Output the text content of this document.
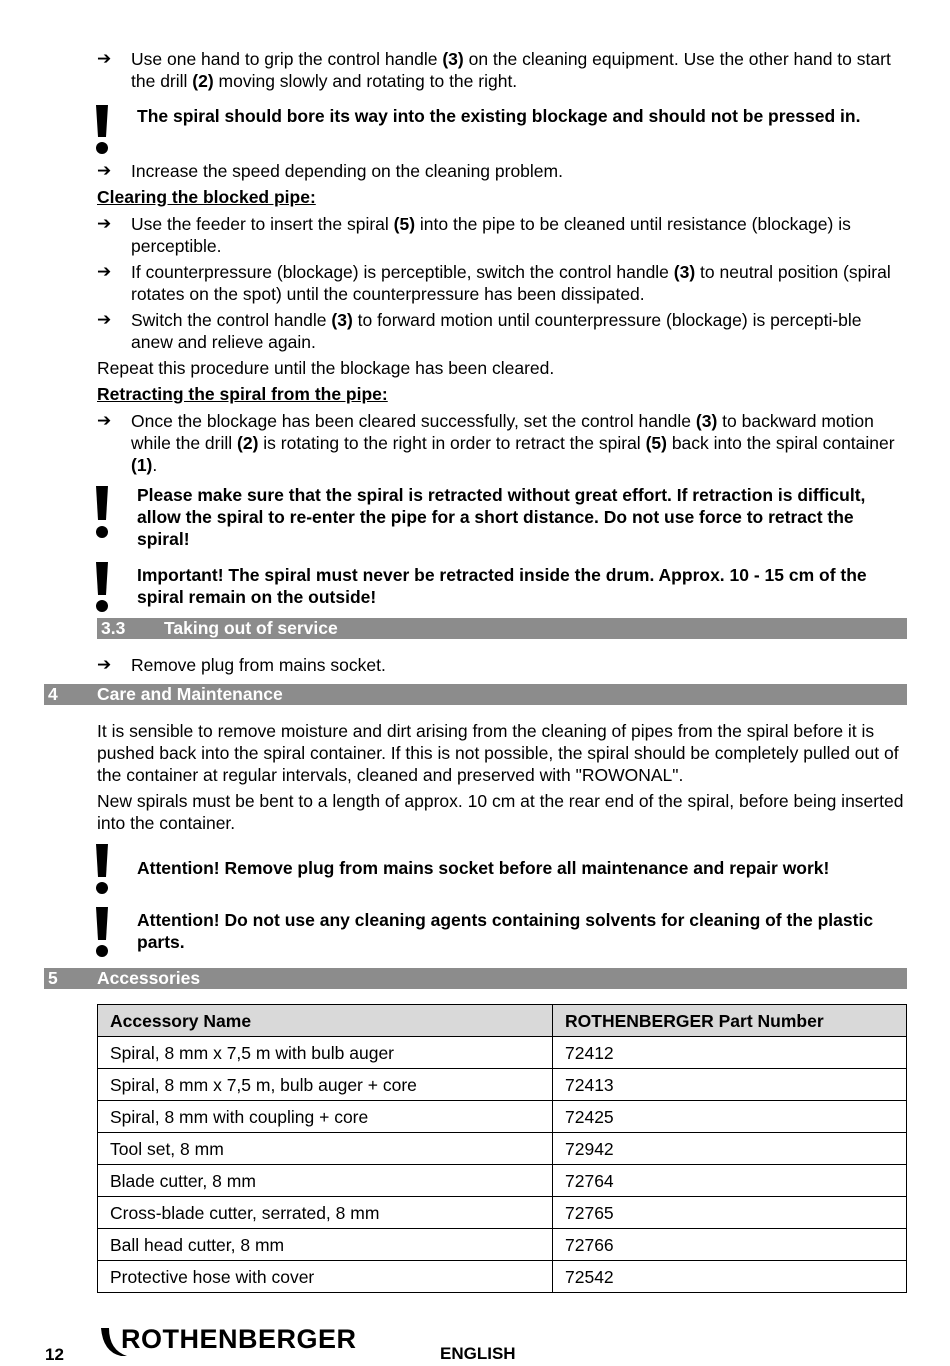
➔ Use one hand to grip the control handle (3) on the cleaning equipment. Use the other hand to start the drill (2) moving slowly and rotating to the right.
The spiral should bore its way into the existing blockage and should not be pressed in.
➔ Increase the speed depending on the cleaning problem.
Clearing the blocked pipe:
➔ Use the feeder to insert the spiral (5) into the pipe to be cleaned until resistance (blockage) is perceptible.
➔ If counterpressure (blockage) is perceptible, switch the control handle (3) to neutral position (spiral rotates on the spot) until the counterpressure has been dissipated.
➔ Switch the control handle (3) to forward motion until counterpressure (blockage) is percepti-ble anew and relieve again.
Repeat this procedure until the blockage has been cleared.
Retracting the spiral from the pipe:
➔ Once the blockage has been cleared successfully, set the control handle (3) to backward motion while the drill (2) is rotating to the right in order to retract the spiral (5) back into the spiral container (1).
Please make sure that the spiral is retracted without great effort. If retraction is difficult, allow the spiral to re-enter the pipe for a short distance. Do not use force to retract the spiral!
Important! The spiral must never be retracted inside the drum. Approx. 10 - 15 cm of the spiral remain on the outside!
3.3 Taking out of service
➔ Remove plug from mains socket.
4 Care and Maintenance
It is sensible to remove moisture and dirt arising from the cleaning of pipes from the spiral before it is pushed back into the spiral container. If this is not possible, the spiral should be completely pulled out of the container at regular intervals, cleaned and preserved with "ROWONAL".
New spirals must be bent to a length of approx. 10 cm at the rear end of the spiral, before being inserted into the container.
Attention! Remove plug from mains socket before all maintenance and repair work!
Attention! Do not use any cleaning agents containing solvents for cleaning of the plastic parts.
5 Accessories
Accessory Name	ROTHENBERGER Part Number
Spiral, 8 mm x 7,5 m with bulb auger	72412
Spiral, 8 mm x 7,5 m, bulb auger + core	72413
Spiral, 8 mm with coupling + core	72425
Tool set, 8 mm	72942
Blade cutter, 8 mm	72764
Cross-blade cutter, serrated, 8 mm	72765
Ball head cutter, 8 mm	72766
Protective hose with cover	72542
12
ROTHENBERGER	ENGLISH
